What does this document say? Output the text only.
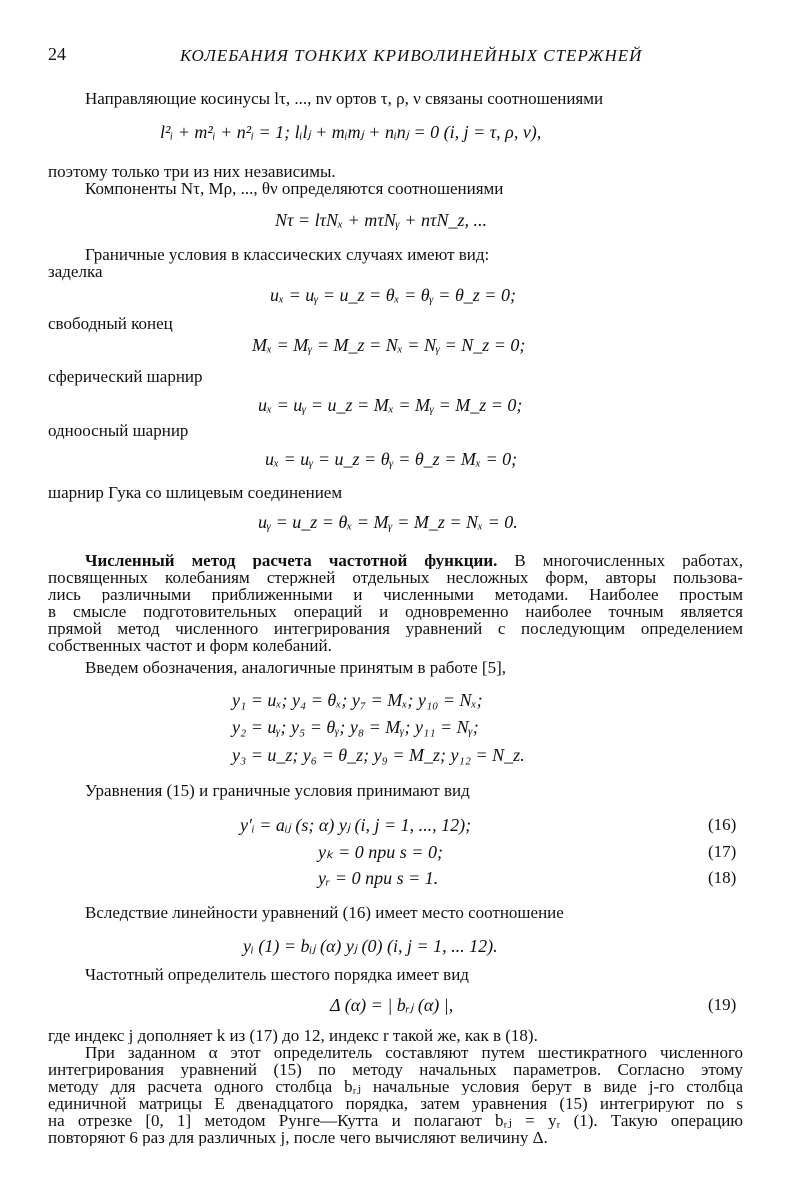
24	КОЛЕБАНИЯ ТОНКИХ КРИВОЛИНЕЙНЫХ СТЕРЖНЕЙ
Направляющие косинусы lτ, ..., nν ортов τ, ρ, ν связаны соотношениями
l²ᵢ + m²ᵢ + n²ᵢ = 1; lᵢlⱼ + mᵢmⱼ + nᵢnⱼ = 0 (i, j = τ, ρ, ν),
поэтому только три из них независимы.
Компоненты Nτ, Mρ, ..., θν определяются соотношениями
Nτ = lτNₓ + mτNᵧ + nτN_z, ...
Граничные условия в классических случаях имеют вид:
заделка
uₓ = uᵧ = u_z = θₓ = θᵧ = θ_z = 0;
свободный конец
Mₓ = Mᵧ = M_z = Nₓ = Nᵧ = N_z = 0;
сферический шарнир
uₓ = uᵧ = u_z = Mₓ = Mᵧ = M_z = 0;
одноосный шарнир
uₓ = uᵧ = u_z = θᵧ = θ_z = Mₓ = 0;
шарнир Гука со шлицевым соединением
uᵧ = u_z = θₓ = Mᵧ = M_z = Nₓ = 0.
Численный метод расчета частотной функции. В многочисленных работах,
посвященных колебаниям стержней отдельных несложных форм, авторы пользова-
лись различными приближенными и численными методами. Наиболее простым
в смысле подготовительных операций и одновременно наиболее точным является
прямой метод численного интегрирования уравнений с последующим определением
собственных частот и форм колебаний.
Введем обозначения, аналогичные принятым в работе [5],
y₁ = uₓ; y₄ = θₓ; y₇ = Mₓ; y₁₀ = Nₓ;
y₂ = uᵧ; y₅ = θᵧ; y₈ = Mᵧ; y₁₁ = Nᵧ;
y₃ = u_z; y₆ = θ_z; y₉ = M_z; y₁₂ = N_z.
Уравнения (15) и граничные условия принимают вид
y′ᵢ = aᵢⱼ (s; α) yⱼ (i, j = 1, ..., 12);	(16)
yₖ = 0 при s = 0;	(17)
yᵣ = 0 при s = 1.	(18)
Вследствие линейности уравнений (16) имеет место соотношение
yᵢ (1) = bᵢⱼ (α) yⱼ (0) (i, j = 1, ... 12).
Частотный определитель шестого порядка имеет вид
Δ (α) = | bᵣⱼ (α) |,	(19)
где индекс j дополняет k из (17) до 12, индекс r такой же, как в (18).
При заданном α этот определитель составляют путем шестикратного численного
интегрирования уравнений (15) по методу начальных параметров. Согласно этому
методу для расчета одного столбца bᵣⱼ начальные условия берут в виде j-го столбца
единичной матрицы E двенадцатого порядка, затем уравнения (15) интегрируют по s
на отрезке [0, 1] методом Рунге—Кутта и полагают bᵣⱼ = yᵣ (1). Такую операцию
повторяют 6 раз для различных j, после чего вычисляют величину Δ.
